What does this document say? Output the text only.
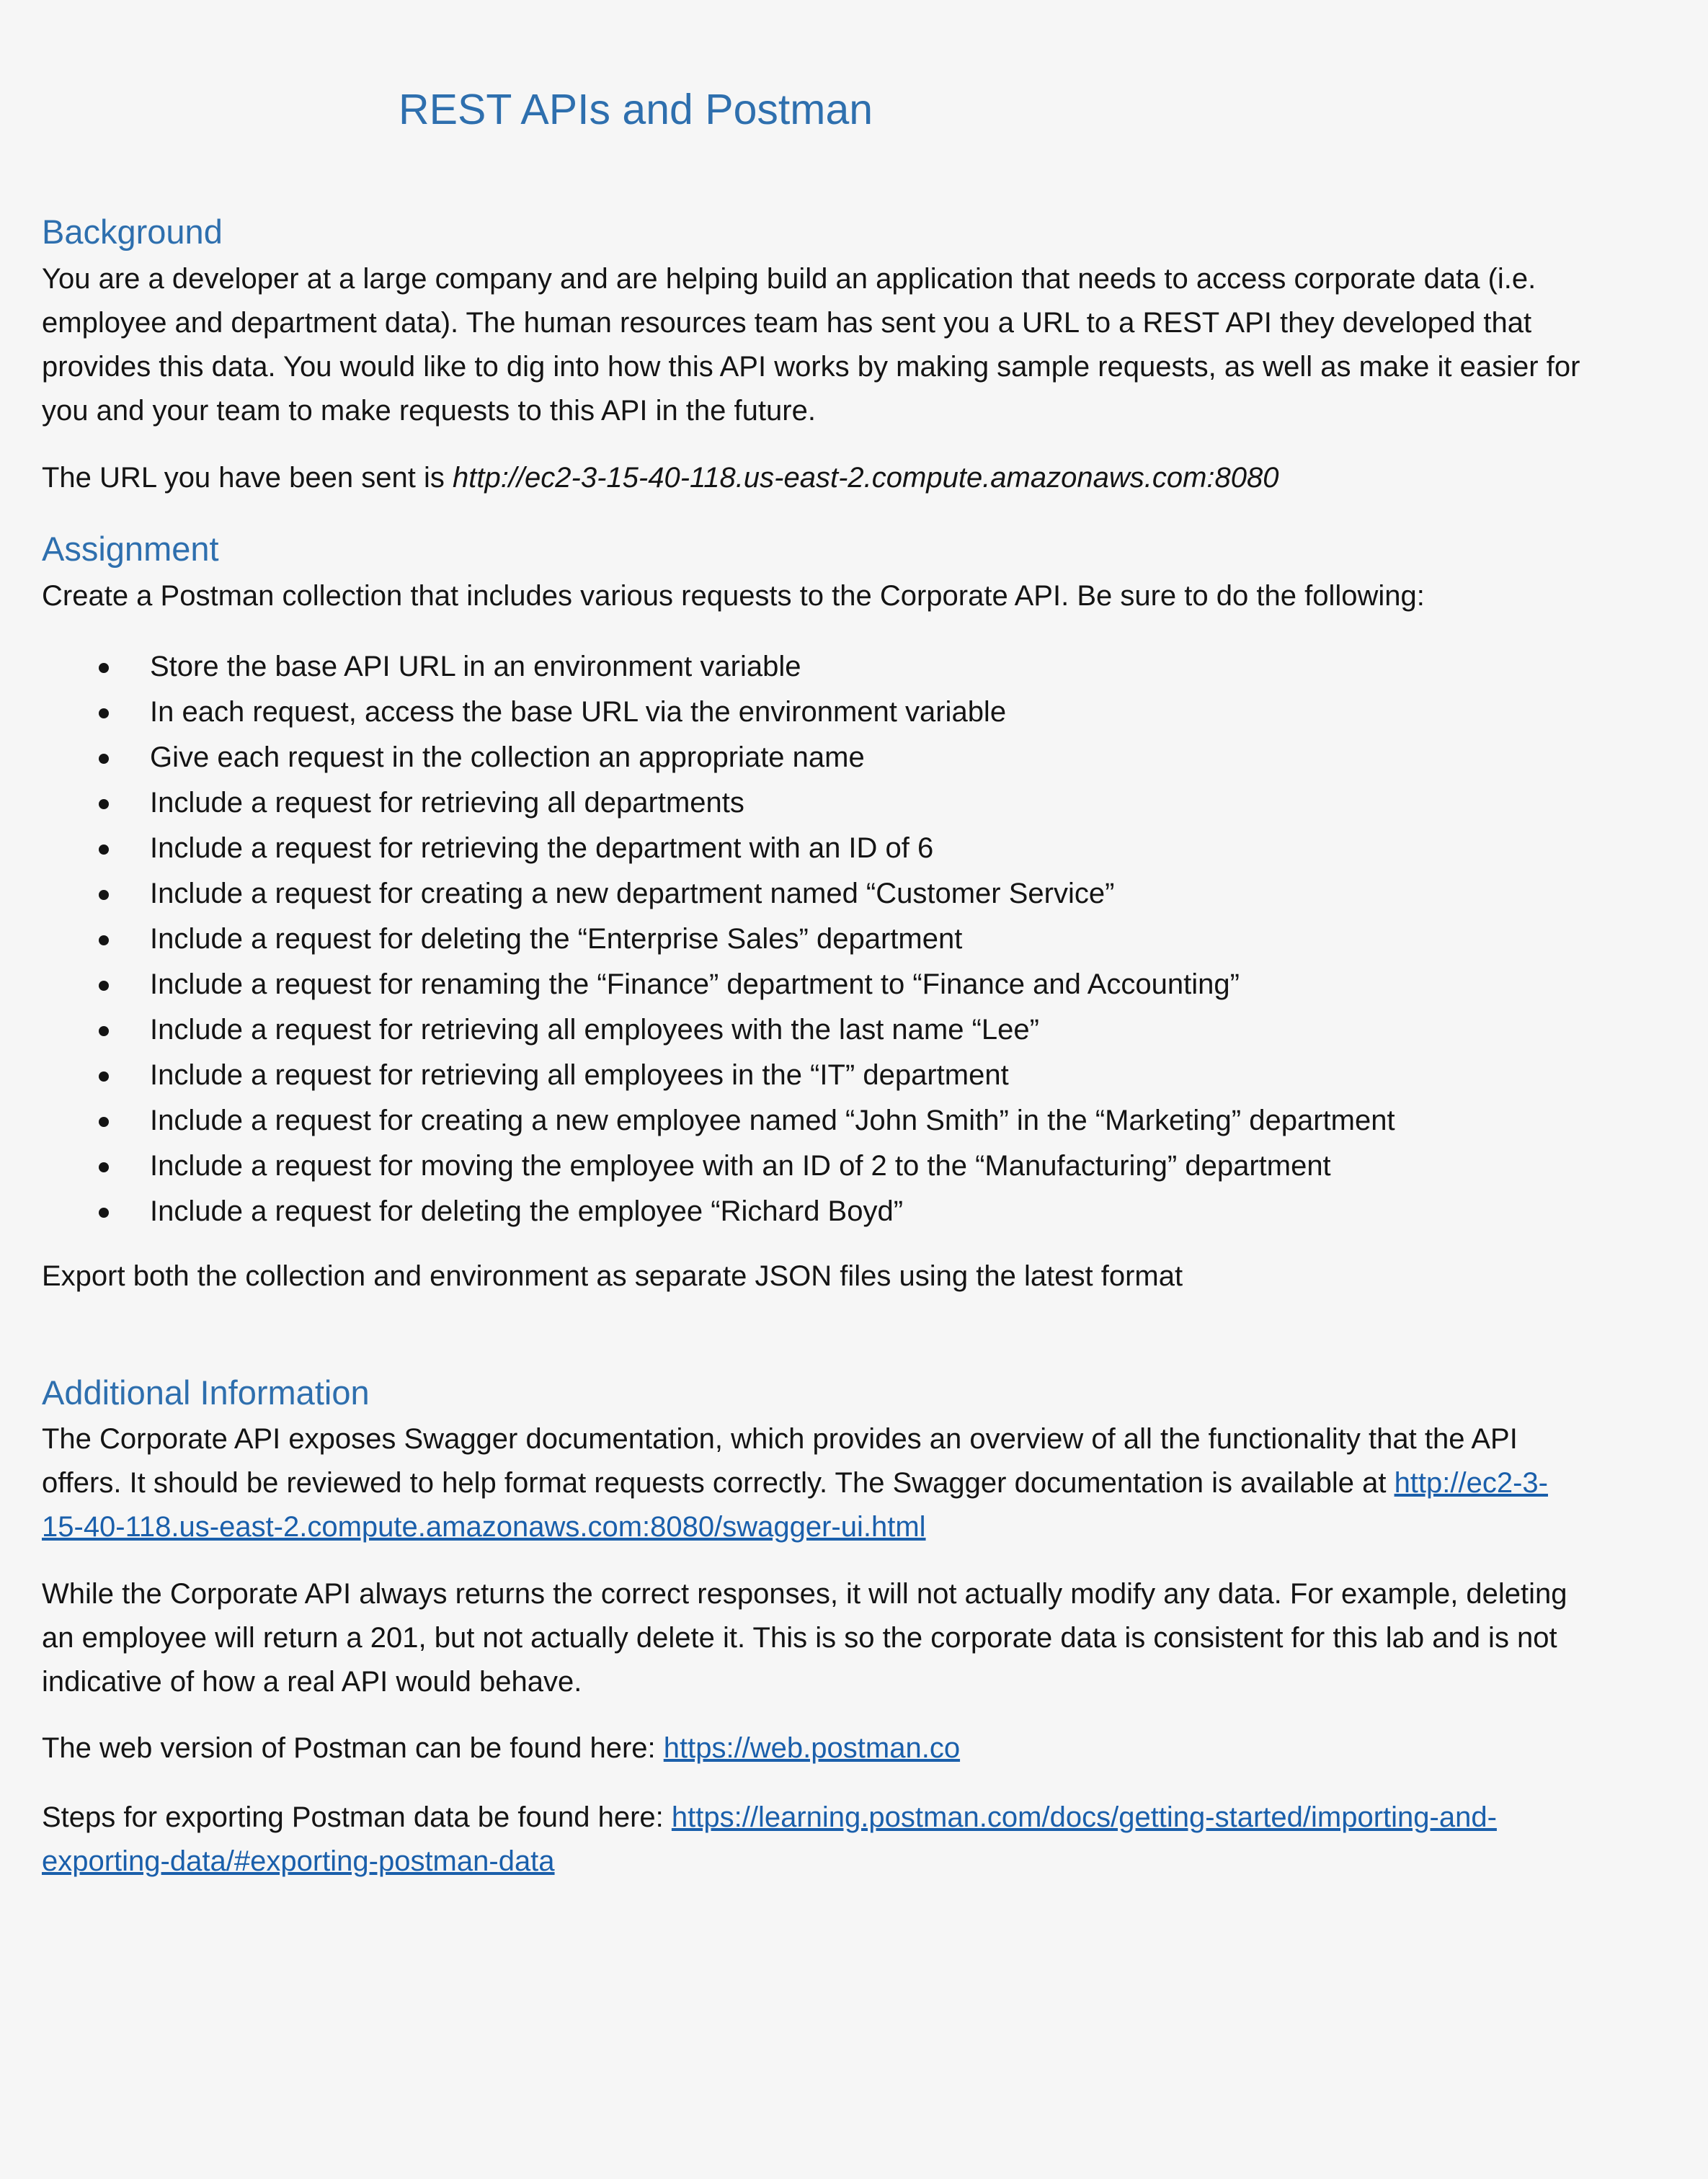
REST APIs and Postman
Background
You are a developer at a large company and are helping build an application that needs to access corporate data (i.e.
employee and department data). The human resources team has sent you a URL to a REST API they developed that
provides this data. You would like to dig into how this API works by making sample requests, as well as make it easier for
you and your team to make requests to this API in the future.
The URL you have been sent is http://ec2-3-15-40-118.us-east-2.compute.amazonaws.com:8080
Assignment
Create a Postman collection that includes various requests to the Corporate API. Be sure to do the following:
Store the base API URL in an environment variable
In each request, access the base URL via the environment variable
Give each request in the collection an appropriate name
Include a request for retrieving all departments
Include a request for retrieving the department with an ID of 6
Include a request for creating a new department named “Customer Service”
Include a request for deleting the “Enterprise Sales” department
Include a request for renaming the “Finance” department to “Finance and Accounting”
Include a request for retrieving all employees with the last name “Lee”
Include a request for retrieving all employees in the “IT” department
Include a request for creating a new employee named “John Smith” in the “Marketing” department
Include a request for moving the employee with an ID of 2 to the “Manufacturing” department
Include a request for deleting the employee “Richard Boyd”
Export both the collection and environment as separate JSON files using the latest format
Additional Information
The Corporate API exposes Swagger documentation, which provides an overview of all the functionality that the API
offers. It should be reviewed to help format requests correctly. The Swagger documentation is available at http://ec2-3-
15-40-118.us-east-2.compute.amazonaws.com:8080/swagger-ui.html
While the Corporate API always returns the correct responses, it will not actually modify any data. For example, deleting
an employee will return a 201, but not actually delete it. This is so the corporate data is consistent for this lab and is not
indicative of how a real API would behave.
The web version of Postman can be found here: https://web.postman.co
Steps for exporting Postman data be found here: https://learning.postman.com/docs/getting-started/importing-and-
exporting-data/#exporting-postman-data
